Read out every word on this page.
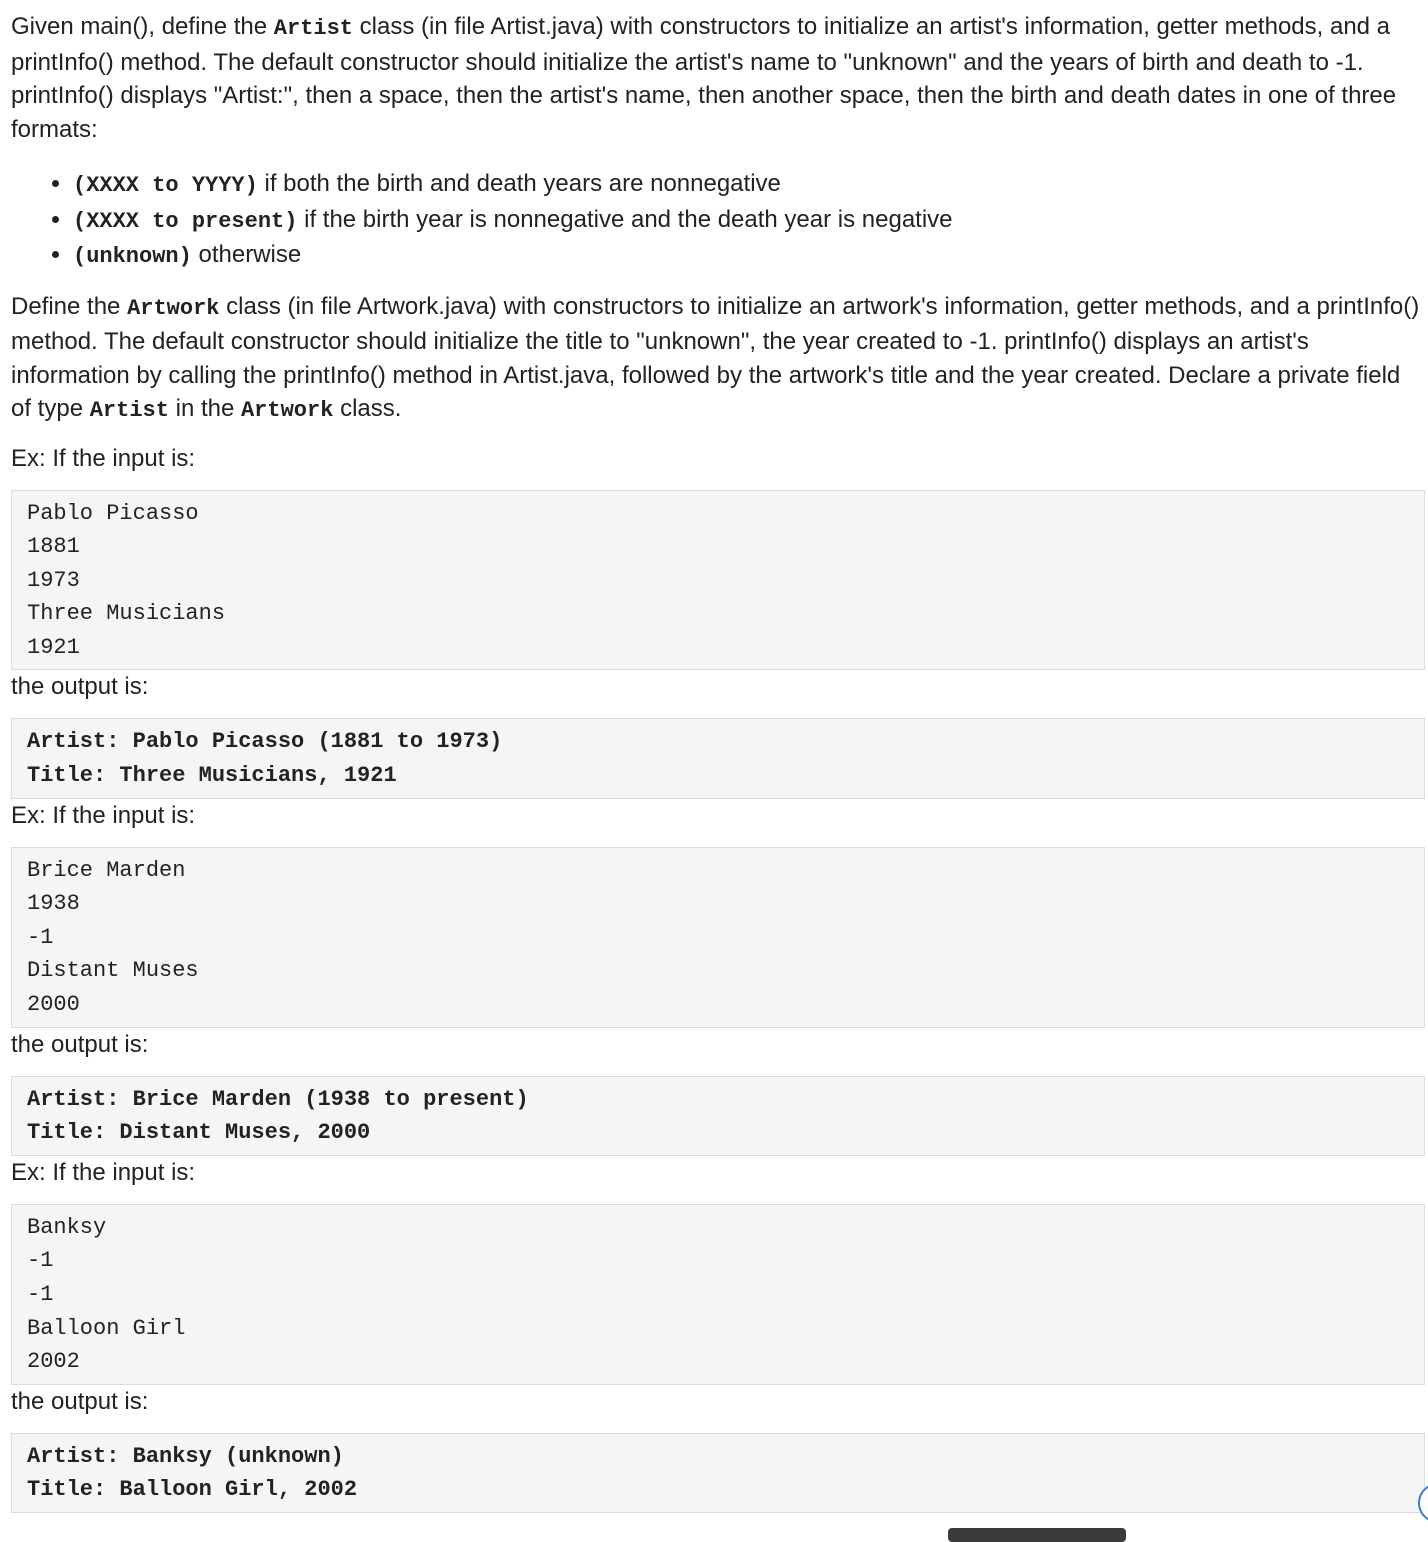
Given main(), define the Artist class (in file Artist.java) with constructors to initialize an artist's information, getter methods, and a printInfo() method. The default constructor should initialize the artist's name to "unknown" and the years of birth and death to -1. printInfo() displays "Artist:", then a space, then the artist's name, then another space, then the birth and death dates in one of three formats:

• (XXXX to YYYY) if both the birth and death years are nonnegative
• (XXXX to present) if the birth year is nonnegative and the death year is negative
• (unknown) otherwise

Define the Artwork class (in file Artwork.java) with constructors to initialize an artwork's information, getter methods, and a printInfo() method. The default constructor should initialize the title to "unknown", the year created to -1. printInfo() displays an artist's information by calling the printInfo() method in Artist.java, followed by the artwork's title and the year created. Declare a private field of type Artist in the Artwork class.

Ex: If the input is:

Pablo Picasso
1881
1973
Three Musicians
1921

the output is:

Artist: Pablo Picasso (1881 to 1973)
Title: Three Musicians, 1921

Ex: If the input is:

Brice Marden
1938
-1
Distant Muses
2000

the output is:

Artist: Brice Marden (1938 to present)
Title: Distant Muses, 2000

Ex: If the input is:

Banksy
-1
-1
Balloon Girl
2002

the output is:

Artist: Banksy (unknown)
Title: Balloon Girl, 2002
